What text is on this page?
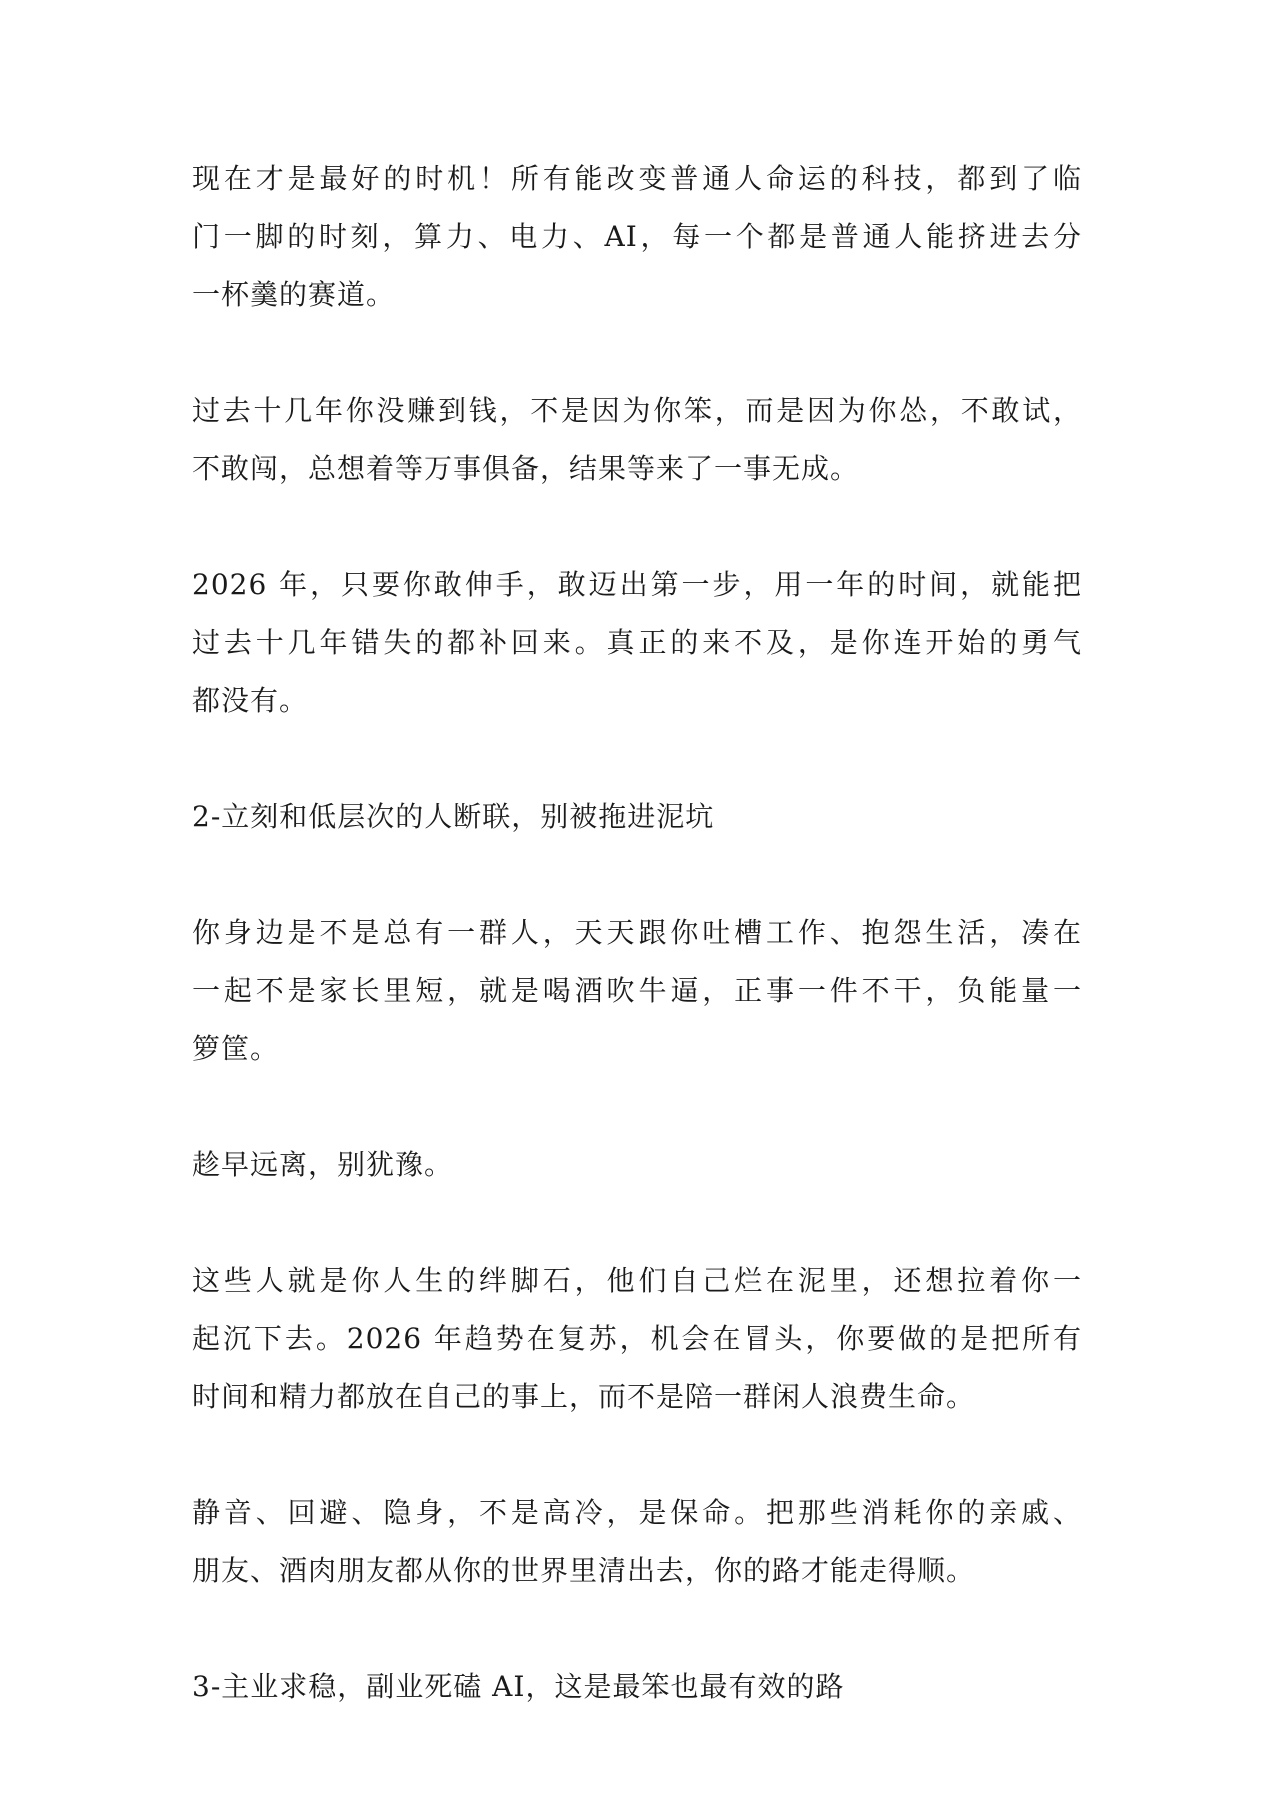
现在才是最好的时机！所有能改变普通人命运的科技，都到了临
门一脚的时刻，算力、电力、AI，每一个都是普通人能挤进去分
一杯羹的赛道。

过去十几年你没赚到钱，不是因为你笨，而是因为你怂，不敢试，
不敢闯，总想着等万事俱备，结果等来了一事无成。

2026 年，只要你敢伸手，敢迈出第一步，用一年的时间，就能把
过去十几年错失的都补回来。真正的来不及，是你连开始的勇气
都没有。

2-立刻和低层次的人断联，别被拖进泥坑

你身边是不是总有一群人，天天跟你吐槽工作、抱怨生活，凑在
一起不是家长里短，就是喝酒吹牛逼，正事一件不干，负能量一
箩筐。

趁早远离，别犹豫。

这些人就是你人生的绊脚石，他们自己烂在泥里，还想拉着你一
起沉下去。2026 年趋势在复苏，机会在冒头，你要做的是把所有
时间和精力都放在自己的事上，而不是陪一群闲人浪费生命。

静音、回避、隐身，不是高冷，是保命。把那些消耗你的亲戚、
朋友、酒肉朋友都从你的世界里清出去，你的路才能走得顺。

3-主业求稳，副业死磕 AI，这是最笨也最有效的路
